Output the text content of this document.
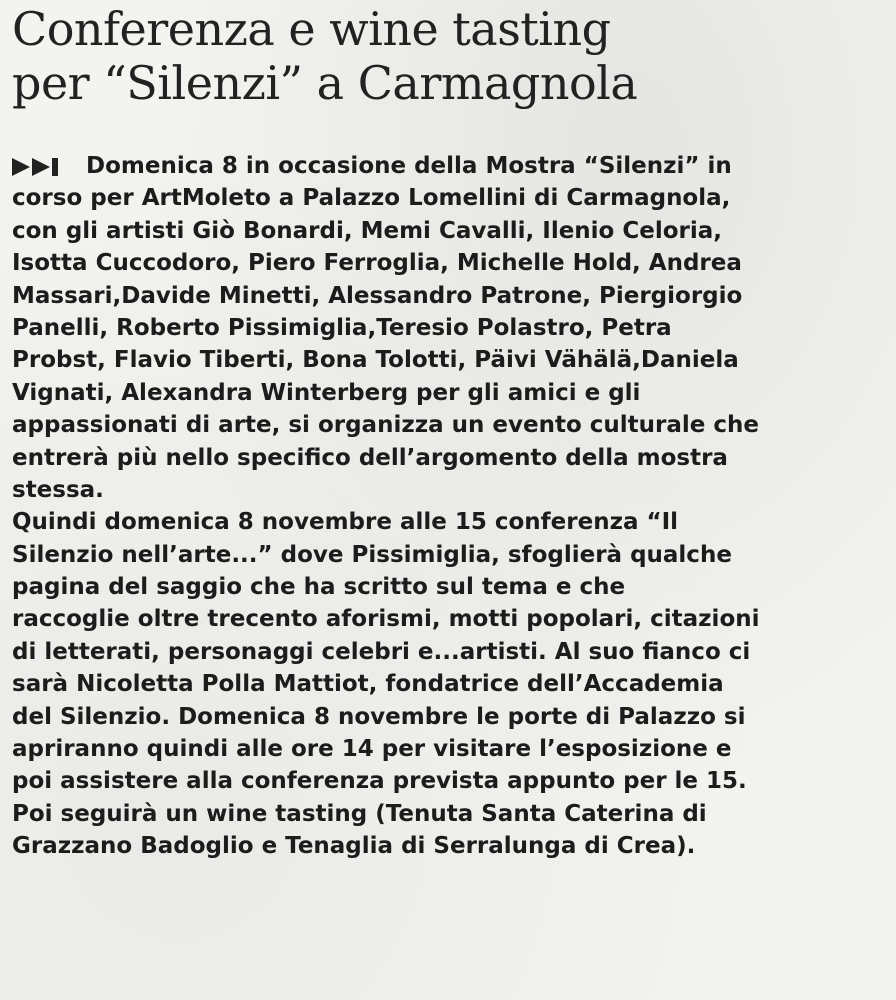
Conferenza e wine tasting
per “Silenzi” a Carmagnola
Domenica 8 in occasione della Mostra “Silenzi” in
corso per ArtMoleto a Palazzo Lomellini di Carmagnola,
con gli artisti Giò Bonardi, Memi Cavalli, Ilenio Celoria,
Isotta Cuccodoro, Piero Ferroglia, Michelle Hold, Andrea
Massari,Davide Minetti, Alessandro Patrone, Piergiorgio
Panelli, Roberto Pissimiglia,Teresio Polastro, Petra
Probst, Flavio Tiberti, Bona Tolotti, Päivi Vähälä,Daniela
Vignati, Alexandra Winterberg per gli amici e gli
appassionati di arte, si organizza un evento culturale che
entrerà più nello specifico dell’argomento della mostra
stessa.
Quindi domenica 8 novembre alle 15 conferenza “Il
Silenzio nell’arte...” dove Pissimiglia, sfoglierà qualche
pagina del saggio che ha scritto sul tema e che
raccoglie oltre trecento aforismi, motti popolari, citazioni
di letterati, personaggi celebri e...artisti. Al suo fianco ci
sarà Nicoletta Polla Mattiot, fondatrice dell’Accademia
del Silenzio. Domenica 8 novembre le porte di Palazzo si
apriranno quindi alle ore 14 per visitare l’esposizione e
poi assistere alla conferenza prevista appunto per le 15.
Poi seguirà un wine tasting (Tenuta Santa Caterina di
Grazzano Badoglio e Tenaglia di Serralunga di Crea).
